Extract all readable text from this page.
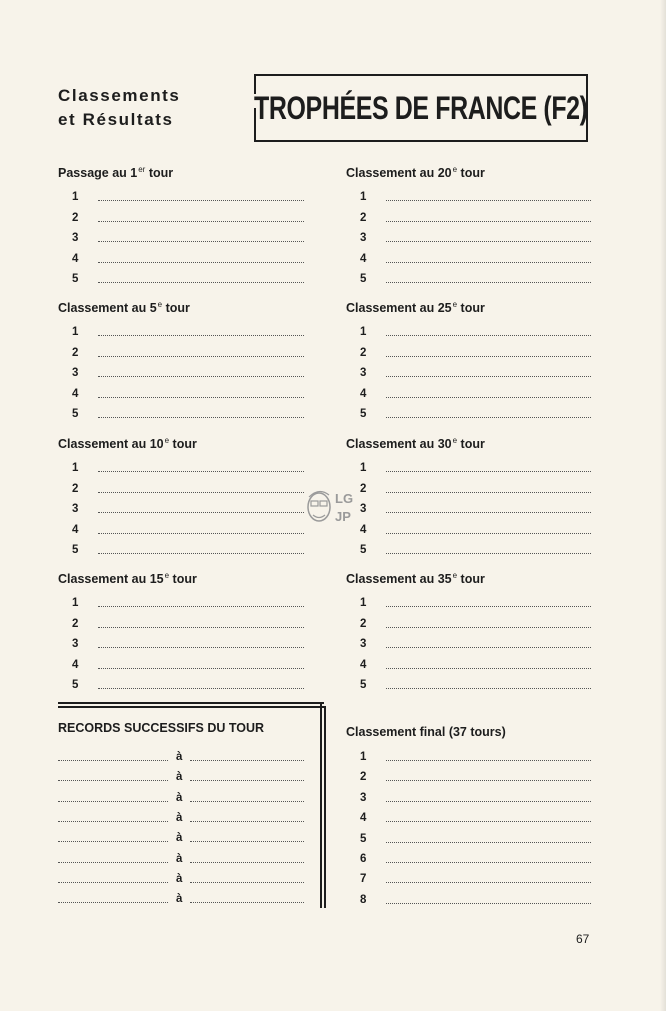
Classements
et Résultats	TROPHÉES DE FRANCE (F2)
Passage au 1er tour
1
2
3
4
5
Classement au 5e tour
1
2
3
4
5
Classement au 10e tour
1
2
3
4
5
Classement au 15e tour
1
2
3
4
5
Classement au 20e tour
1
2
3
4
5
Classement au 25e tour
1
2
3
4
5
Classement au 30e tour
1
2
3
4
5
Classement au 35e tour
1
2
3
4
5
RECORDS SUCCESSIFS DU TOUR
à
à
à
à
à
à
à
à
Classement final (37 tours)
1
2
3
4
5
6
7
8
LG
JP
67
